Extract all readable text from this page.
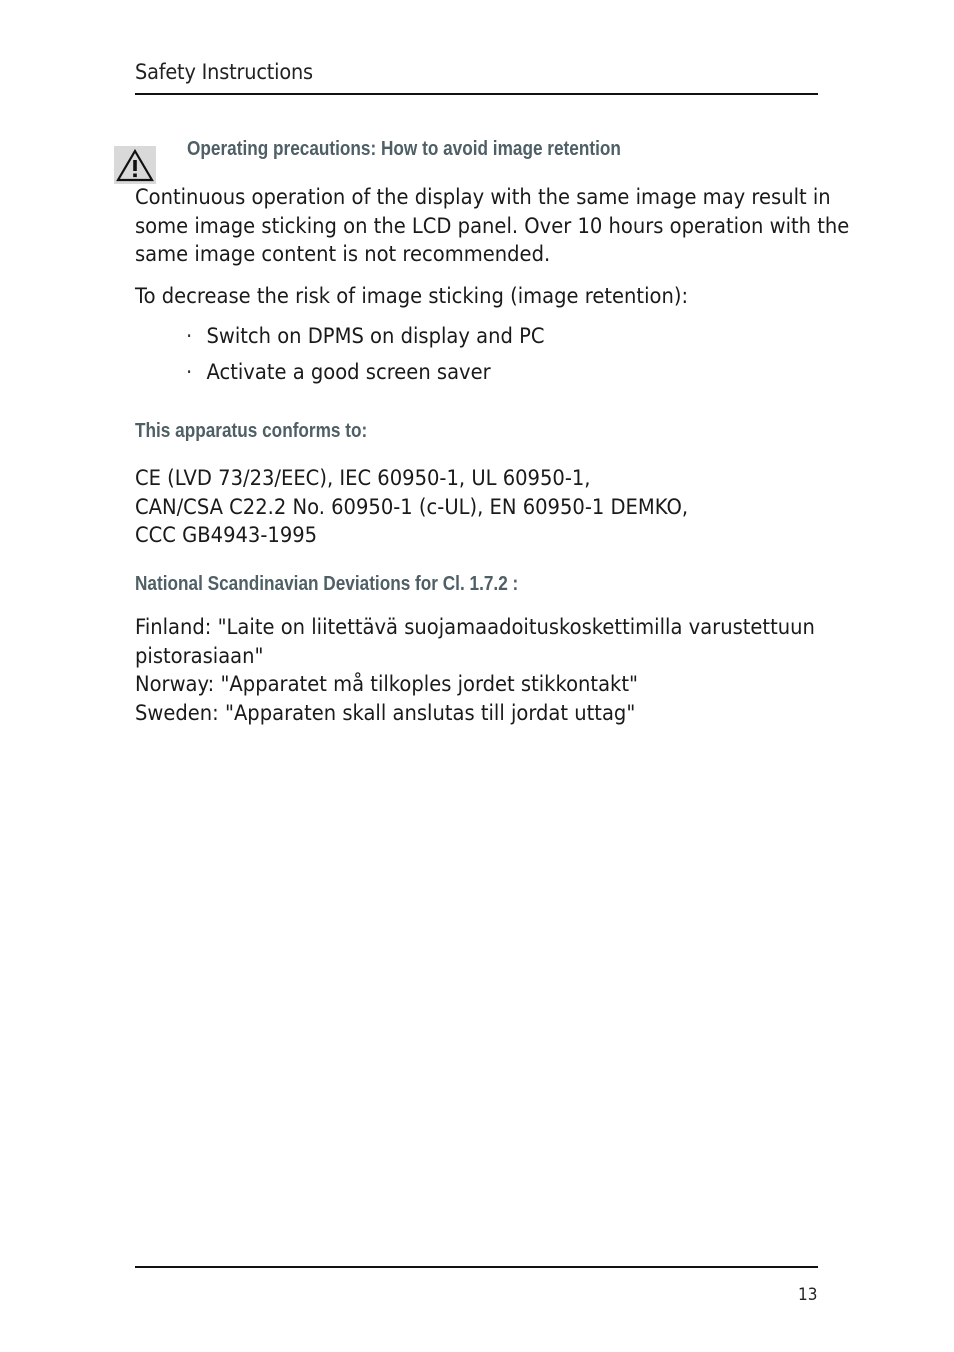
Safety Instructions
Operating precautions: How to avoid image retention
Continuous operation of the display with the same image may result in
some image sticking on the LCD panel. Over 10 hours operation with the
same image content is not recommended.
To decrease the risk of image sticking (image retention):
· Switch on DPMS on display and PC
· Activate a good screen saver
This apparatus conforms to:
CE (LVD 73/23/EEC), IEC 60950-1, UL 60950-1,
CAN/CSA C22.2 No. 60950-1 (c-UL), EN 60950-1 DEMKO,
CCC GB4943-1995
National Scandinavian Deviations for Cl. 1.7.2 :
Finland: "Laite on liitettävä suojamaadoituskoskettimilla varustettuun
pistorasiaan"
Norway: "Apparatet må tilkoples jordet stikkontakt"
Sweden: "Apparaten skall anslutas till jordat uttag"
13
